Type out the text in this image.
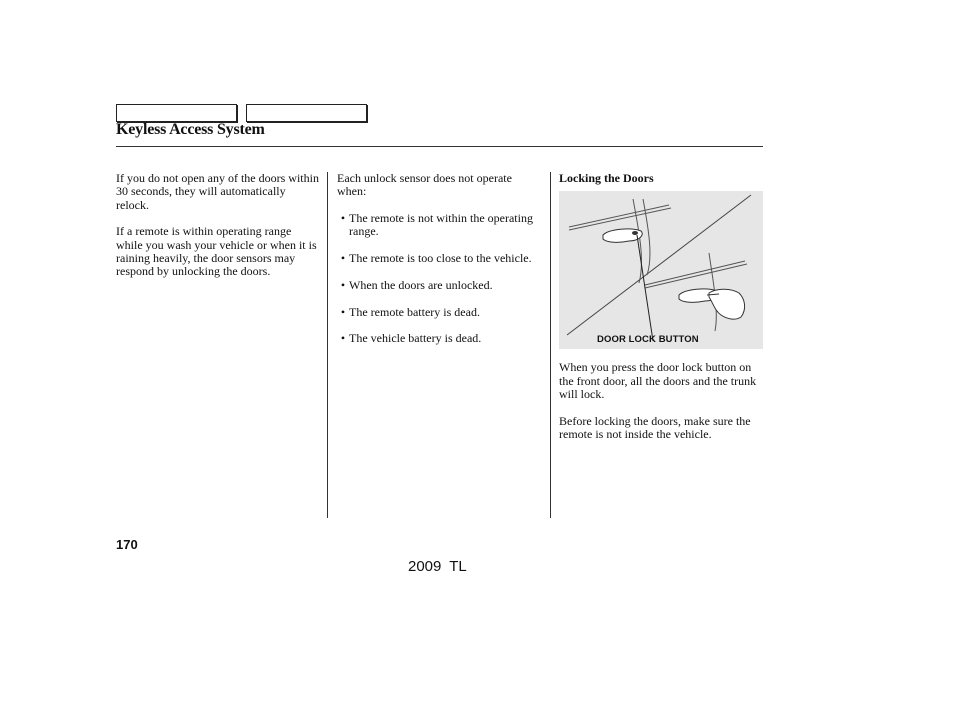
Keyless Access System

If you do not open any of the doors within 30 seconds, they will automatically relock.

If a remote is within operating range while you wash your vehicle or when it is raining heavily, the door sensors may respond by unlocking the doors.

Each unlock sensor does not operate when:

• The remote is not within the operating range.
• The remote is too close to the vehicle.
• When the doors are unlocked.
• The remote battery is dead.
• The vehicle battery is dead.
Locking the Doors
DOOR LOCK BUTTON

When you press the door lock button on the front door, all the doors and the trunk will lock.

Before locking the doors, make sure the remote is not inside the vehicle.

170
2009 TL
